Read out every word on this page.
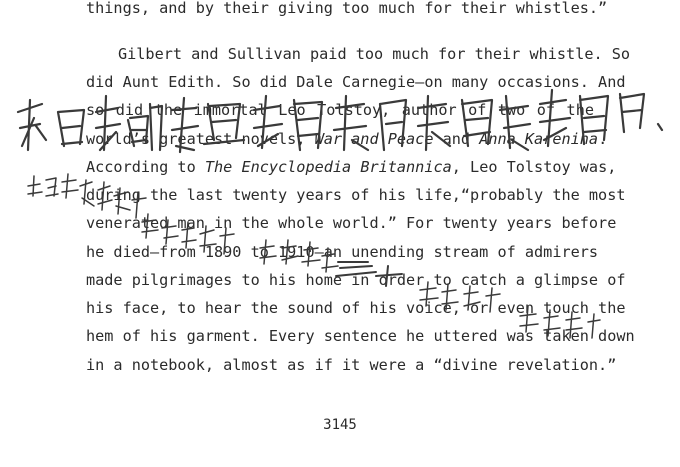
things, and by their giving too much for their whistles.”
Gilbert and Sullivan paid too much for their whistle. So
did Aunt Edith. So did Dale Carnegie—on many occasions. And
so did the immortal Leo Tolstoy, author of two of the
world’s greatest novels, War and Peace and Anna Karenina.
According to The Encyclopedia Britannica, Leo Tolstoy was,
during the last twenty years of his life,“probably the most
venerated man in the whole world.” For twenty years before
he died—from 1890 to 1910—an unending stream of admirers
made pilgrimages to his home in order to catch a glimpse of
his face, to hear the sound of his voice, or even touch the
hem of his garment. Every sentence he uttered was taken down
in a notebook, almost as if it were a “divine revelation.”
3145
